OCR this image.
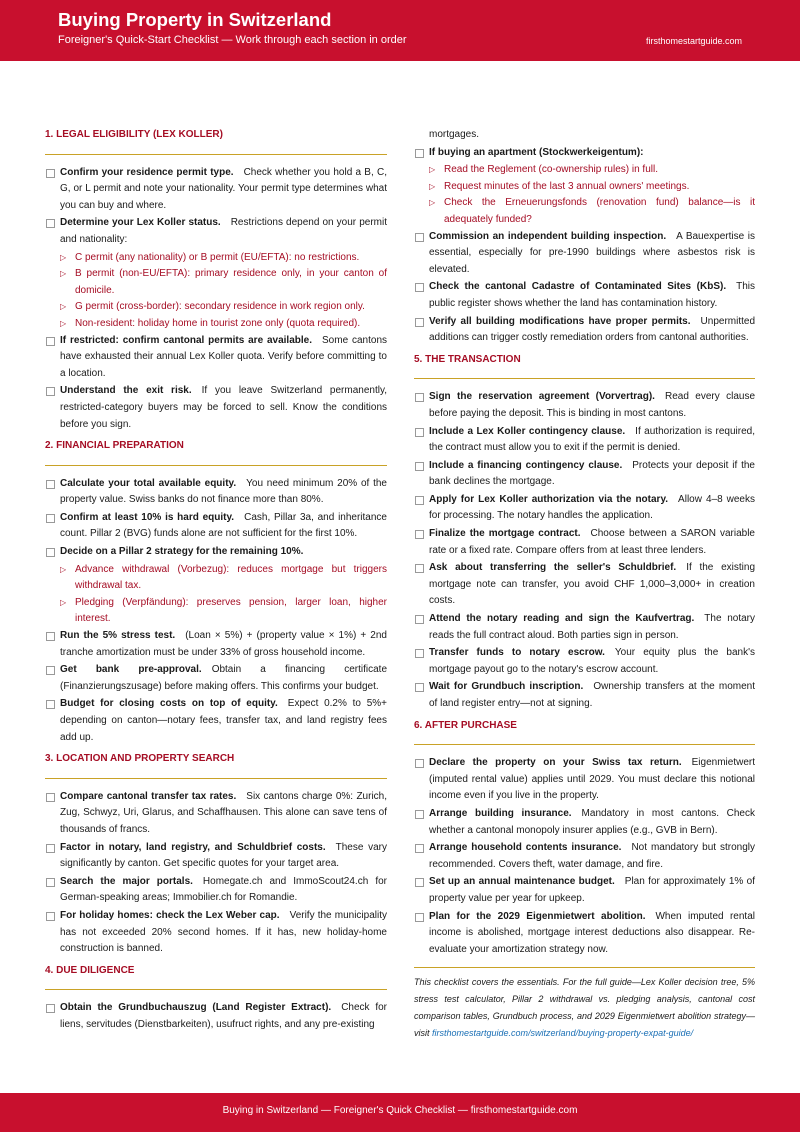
Buying Property in Switzerland
Foreigner's Quick-Start Checklist — Work through each section in order	firsthomestartguide.com
1. LEGAL ELIGIBILITY (LEX KOLLER)
Confirm your residence permit type.  Check whether you hold a B, C, G, or L permit and note your nationality. Your permit type determines what you can buy and where.
Determine your Lex Koller status.  Restrictions depend on your permit and nationality:
▷ C permit (any nationality) or B permit (EU/EFTA): no restrictions.
▷ B permit (non-EU/EFTA): primary residence only, in your canton of domicile.
▷ G permit (cross-border): secondary residence in work region only.
▷ Non-resident: holiday home in tourist zone only (quota required).
If restricted: confirm cantonal permits are available.  Some cantons have exhausted their annual Lex Koller quota. Verify before committing to a location.
Understand the exit risk.  If you leave Switzerland permanently, restricted-category buyers may be forced to sell. Know the conditions before you sign.
2. FINANCIAL PREPARATION
Calculate your total available equity.  You need minimum 20% of the property value. Swiss banks do not finance more than 80%.
Confirm at least 10% is hard equity.  Cash, Pillar 3a, and inheritance count. Pillar 2 (BVG) funds alone are not sufficient for the first 10%.
Decide on a Pillar 2 strategy for the remaining 10%.
▷ Advance withdrawal (Vorbezug): reduces mortgage but triggers withdrawal tax.
▷ Pledging (Verpfändung): preserves pension, larger loan, higher interest.
Run the 5% stress test.  (Loan × 5%) + (property value × 1%) + 2nd tranche amortization must be under 33% of gross household income.
Get bank pre-approval.  Obtain a financing certificate (Finanzierungszusage) before making offers. This confirms your budget.
Budget for closing costs on top of equity.  Expect 0.2% to 5%+ depending on canton—notary fees, transfer tax, and land registry fees add up.
3. LOCATION AND PROPERTY SEARCH
Compare cantonal transfer tax rates.  Six cantons charge 0%: Zurich, Zug, Schwyz, Uri, Glarus, and Schaffhausen. This alone can save tens of thousands of francs.
Factor in notary, land registry, and Schuldbrief costs.  These vary significantly by canton. Get specific quotes for your target area.
Search the major portals.  Homegate.ch and ImmoScout24.ch for German-speaking areas; Immobilier.ch for Romandie.
For holiday homes: check the Lex Weber cap.  Verify the municipality has not exceeded 20% second homes. If it has, new holiday-home construction is banned.
4. DUE DILIGENCE
Obtain the Grundbuchauszug (Land Register Extract).  Check for liens, servitudes (Dienstbarkeiten), usufruct rights, and any pre-existing
mortgages.
If buying an apartment (Stockwerkeigentum):
▷ Read the Reglement (co-ownership rules) in full.
▷ Request minutes of the last 3 annual owners' meetings.
▷ Check the Erneuerungsfonds (renovation fund) balance—is it adequately funded?
Commission an independent building inspection.  A Bauexpertise is essential, especially for pre-1990 buildings where asbestos risk is elevated.
Check the cantonal Cadastre of Contaminated Sites (KbS).  This public register shows whether the land has contamination history.
Verify all building modifications have proper permits.  Unpermitted additions can trigger costly remediation orders from cantonal authorities.
5. THE TRANSACTION
Sign the reservation agreement (Vorvertrag).  Read every clause before paying the deposit. This is binding in most cantons.
Include a Lex Koller contingency clause.  If authorization is required, the contract must allow you to exit if the permit is denied.
Include a financing contingency clause.  Protects your deposit if the bank declines the mortgage.
Apply for Lex Koller authorization via the notary.  Allow 4–8 weeks for processing. The notary handles the application.
Finalize the mortgage contract.  Choose between a SARON variable rate or a fixed rate. Compare offers from at least three lenders.
Ask about transferring the seller's Schuldbrief.  If the existing mortgage note can transfer, you avoid CHF 1,000–3,000+ in creation costs.
Attend the notary reading and sign the Kaufvertrag.  The notary reads the full contract aloud. Both parties sign in person.
Transfer funds to notary escrow.  Your equity plus the bank's mortgage payout go to the notary's escrow account.
Wait for Grundbuch inscription.  Ownership transfers at the moment of land register entry—not at signing.
6. AFTER PURCHASE
Declare the property on your Swiss tax return.  Eigenmietwert (imputed rental value) applies until 2029. You must declare this notional income even if you live in the property.
Arrange building insurance.  Mandatory in most cantons. Check whether a cantonal monopoly insurer applies (e.g., GVB in Bern).
Arrange household contents insurance.  Not mandatory but strongly recommended. Covers theft, water damage, and fire.
Set up an annual maintenance budget.  Plan for approximately 1% of property value per year for upkeep.
Plan for the 2029 Eigenmietwert abolition.  When imputed rental income is abolished, mortgage interest deductions also disappear. Re-evaluate your amortization strategy now.
This checklist covers the essentials. For the full guide—Lex Koller decision tree, 5% stress test calculator, Pillar 2 withdrawal vs. pledging analysis, cantonal cost comparison tables, Grundbuch process, and 2029 Eigenmietwert abolition strategy—visit firsthomestartguide.com/switzerland/buying-property-expat-guide/
Buying in Switzerland — Foreigner's Quick Checklist — firsthomestartguide.com
